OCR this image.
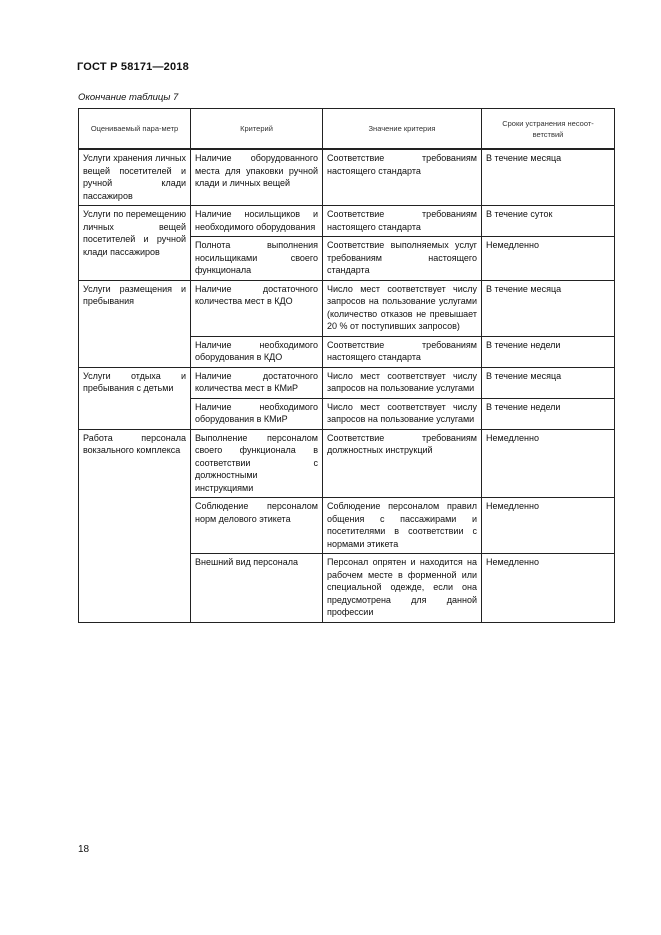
ГОСТ Р 58171—2018
Окончание таблицы 7
Оцениваемый пара-метр	Критерий	Значение критерия	Сроки устранения несоот-ветствий
Услуги хранения личных вещей посетителей и ручной клади пассажиров	Наличие оборудованного места для упаковки ручной клади и личных вещей	Соответствие требованиям настоящего стандарта	В течение месяца
Услуги по перемещению личных вещей посетителей и ручной клади пассажиров	Наличие носильщиков и необходимого оборудования	Соответствие требованиям настоящего стандарта	В течение суток
	Полнота выполнения носильщиками своего функционала	Соответствие выполняемых услуг требованиям настоящего стандарта	Немедленно
Услуги размещения и пребывания	Наличие достаточного количества мест в КДО	Число мест соответствует числу запросов на пользование услугами (количество отказов не превышает 20 % от поступивших запросов)	В течение месяца
	Наличие необходимого оборудования в КДО	Соответствие требованиям настоящего стандарта	В течение недели
Услуги отдыха и пребывания с детьми	Наличие достаточного количества мест в КМиР	Число мест соответствует числу запросов на пользование услугами	В течение месяца
	Наличие необходимого оборудования в КМиР	Число мест соответствует числу запросов на пользование услугами	В течение недели
Работа персонала вокзального комплекса	Выполнение персоналом своего функционала в соответствии с должностными инструкциями	Соответствие требованиям должностных инструкций	Немедленно
	Соблюдение персоналом норм делового этикета	Соблюдение персоналом правил общения с пассажирами и посетителями в соответствии с нормами этикета	Немедленно
	Внешний вид персонала	Персонал опрятен и находится на рабочем месте в форменной или специальной одежде, если она предусмотрена для данной профессии	Немедленно
18
